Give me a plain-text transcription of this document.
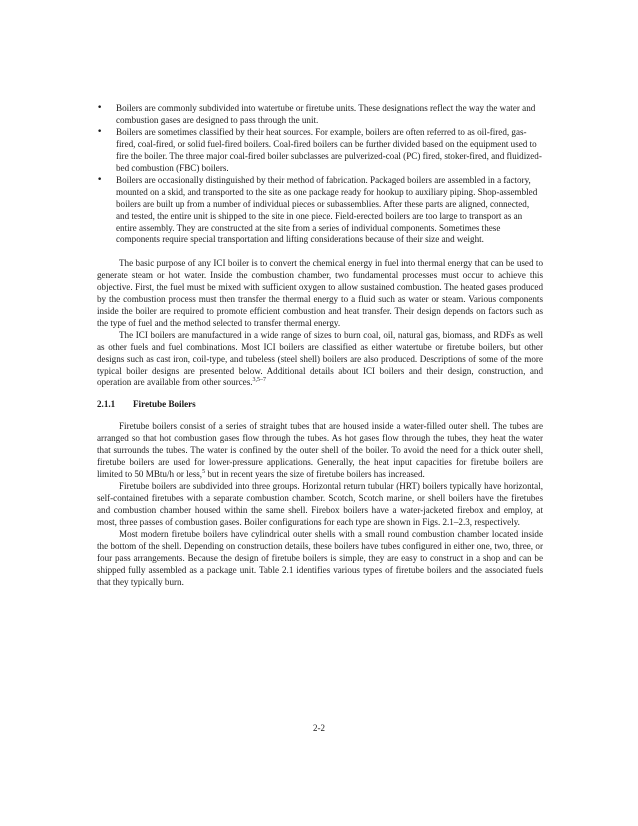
•	Boilers are commonly subdivided into watertube or firetube units. These designations reflect the way the water and combustion gases are designed to pass through the unit.
•	Boilers are sometimes classified by their heat sources. For example, boilers are often referred to as oil-fired, gas-fired, coal-fired, or solid fuel-fired boilers. Coal-fired boilers can be further divided based on the equipment used to fire the boiler. The three major coal-fired boiler subclasses are pulverized-coal (PC) fired, stoker-fired, and fluidized-bed combustion (FBC) boilers.
•	Boilers are occasionally distinguished by their method of fabrication. Packaged boilers are assembled in a factory, mounted on a skid, and transported to the site as one package ready for hookup to auxiliary piping. Shop-assembled boilers are built up from a number of individual pieces or subassemblies. After these parts are aligned, connected, and tested, the entire unit is shipped to the site in one piece. Field-erected boilers are too large to transport as an entire assembly. They are constructed at the site from a series of individual components. Sometimes these components require special transportation and lifting considerations because of their size and weight.

The basic purpose of any ICI boiler is to convert the chemical energy in fuel into thermal energy that can be used to generate steam or hot water. Inside the combustion chamber, two fundamental processes must occur to achieve this objective. First, the fuel must be mixed with sufficient oxygen to allow sustained combustion. The heated gases produced by the combustion process must then transfer the thermal energy to a fluid such as water or steam. Various components inside the boiler are required to promote efficient combustion and heat transfer. Their design depends on factors such as the type of fuel and the method selected to transfer thermal energy.

The ICI boilers are manufactured in a wide range of sizes to burn coal, oil, natural gas, biomass, and RDFs as well as other fuels and fuel combinations. Most ICI boilers are classified as either watertube or firetube boilers, but other designs such as cast iron, coil-type, and tubeless (steel shell) boilers are also produced. Descriptions of some of the more typical boiler designs are presented below. Additional details about ICI boilers and their design, construction, and operation are available from other sources.$^{3,5-7}$

2.1.1 Firetube Boilers

Firetube boilers consist of a series of straight tubes that are housed inside a water-filled outer shell. The tubes are arranged so that hot combustion gases flow through the tubes. As hot gases flow through the tubes, they heat the water that surrounds the tubes. The water is confined by the outer shell of the boiler. To avoid the need for a thick outer shell, firetube boilers are used for lower-pressure applications. Generally, the heat input capacities for firetube boilers are limited to 50 MBtu/h or less,$^5$ but in recent years the size of firetube boilers has increased.

Firetube boilers are subdivided into three groups. Horizontal return tubular (HRT) boilers typically have horizontal, self-contained firetubes with a separate combustion chamber. Scotch, Scotch marine, or shell boilers have the firetubes and combustion chamber housed within the same shell. Firebox boilers have a water-jacketed firebox and employ, at most, three passes of combustion gases. Boiler configurations for each type are shown in Figs. 2.1–2.3, respectively.

Most modern firetube boilers have cylindrical outer shells with a small round combustion chamber located inside the bottom of the shell. Depending on construction details, these boilers have tubes configured in either one, two, three, or four pass arrangements. Because the design of firetube boilers is simple, they are easy to construct in a shop and can be shipped fully assembled as a package unit. Table 2.1 identifies various types of firetube boilers and the associated fuels that they typically burn.

2-2
